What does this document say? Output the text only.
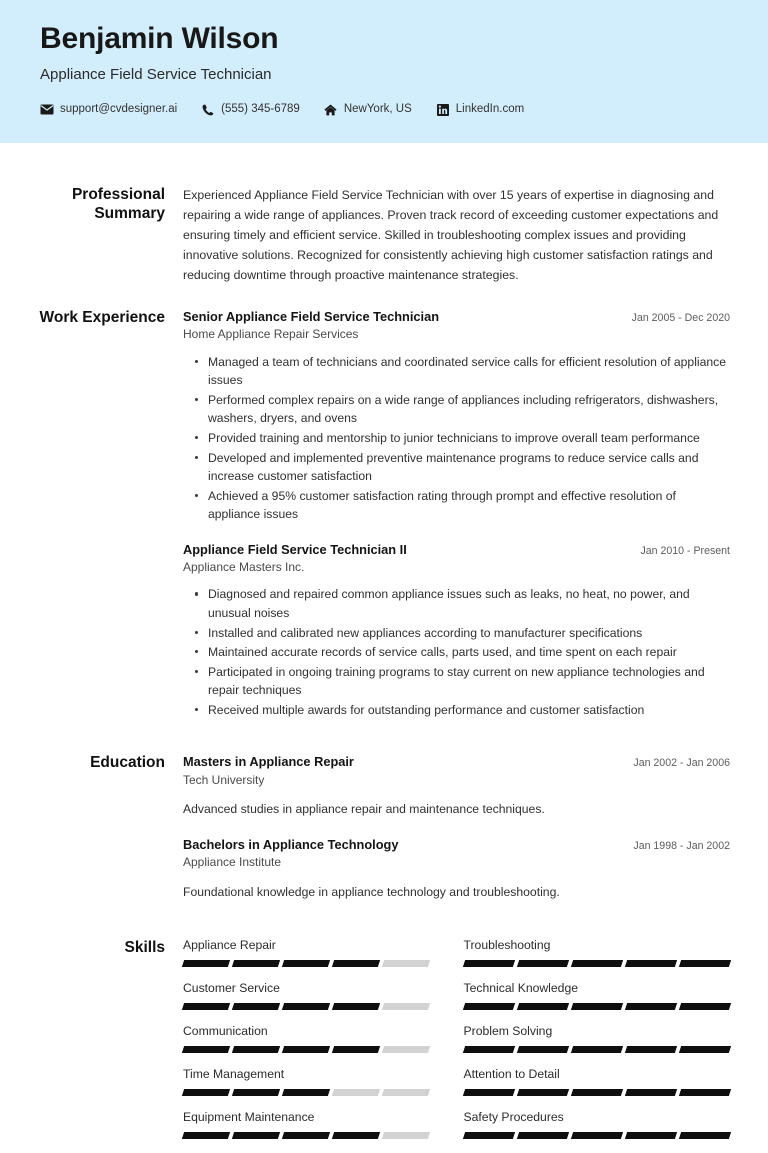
Benjamin Wilson
Appliance Field Service Technician
support@cvdesigner.ai	(555) 345-6789	NewYork, US	LinkedIn.com
Professional Summary
Experienced Appliance Field Service Technician with over 15 years of expertise in diagnosing and repairing a wide range of appliances. Proven track record of exceeding customer expectations and ensuring timely and efficient service. Skilled in troubleshooting complex issues and providing innovative solutions. Recognized for consistently achieving high customer satisfaction ratings and reducing downtime through proactive maintenance strategies.
Work Experience Senior Appliance Field Service Technician	Jan 2005 - Dec 2020
Home Appliance Repair Services
Managed a team of technicians and coordinated service calls for efficient resolution of appliance issues
Performed complex repairs on a wide range of appliances including refrigerators, dishwashers, washers, dryers, and ovens
Provided training and mentorship to junior technicians to improve overall team performance
Developed and implemented preventive maintenance programs to reduce service calls and increase customer satisfaction
Achieved a 95% customer satisfaction rating through prompt and effective resolution of appliance issues
Appliance Field Service Technician II	Jan 2010 - Present
Appliance Masters Inc.
Diagnosed and repaired common appliance issues such as leaks, no heat, no power, and unusual noises
Installed and calibrated new appliances according to manufacturer specifications
Maintained accurate records of service calls, parts used, and time spent on each repair
Participated in ongoing training programs to stay current on new appliance technologies and repair techniques
Received multiple awards for outstanding performance and customer satisfaction
Education Masters in Appliance Repair	Jan 2002 - Jan 2006
Tech University
Advanced studies in appliance repair and maintenance techniques.
Bachelors in Appliance Technology	Jan 1998 - Jan 2002
Appliance Institute
Foundational knowledge in appliance technology and troubleshooting.
Skills Appliance Repair	Troubleshooting
Customer Service	Technical Knowledge
Communication	Problem Solving
Time Management	Attention to Detail
Equipment Maintenance	Safety Procedures
